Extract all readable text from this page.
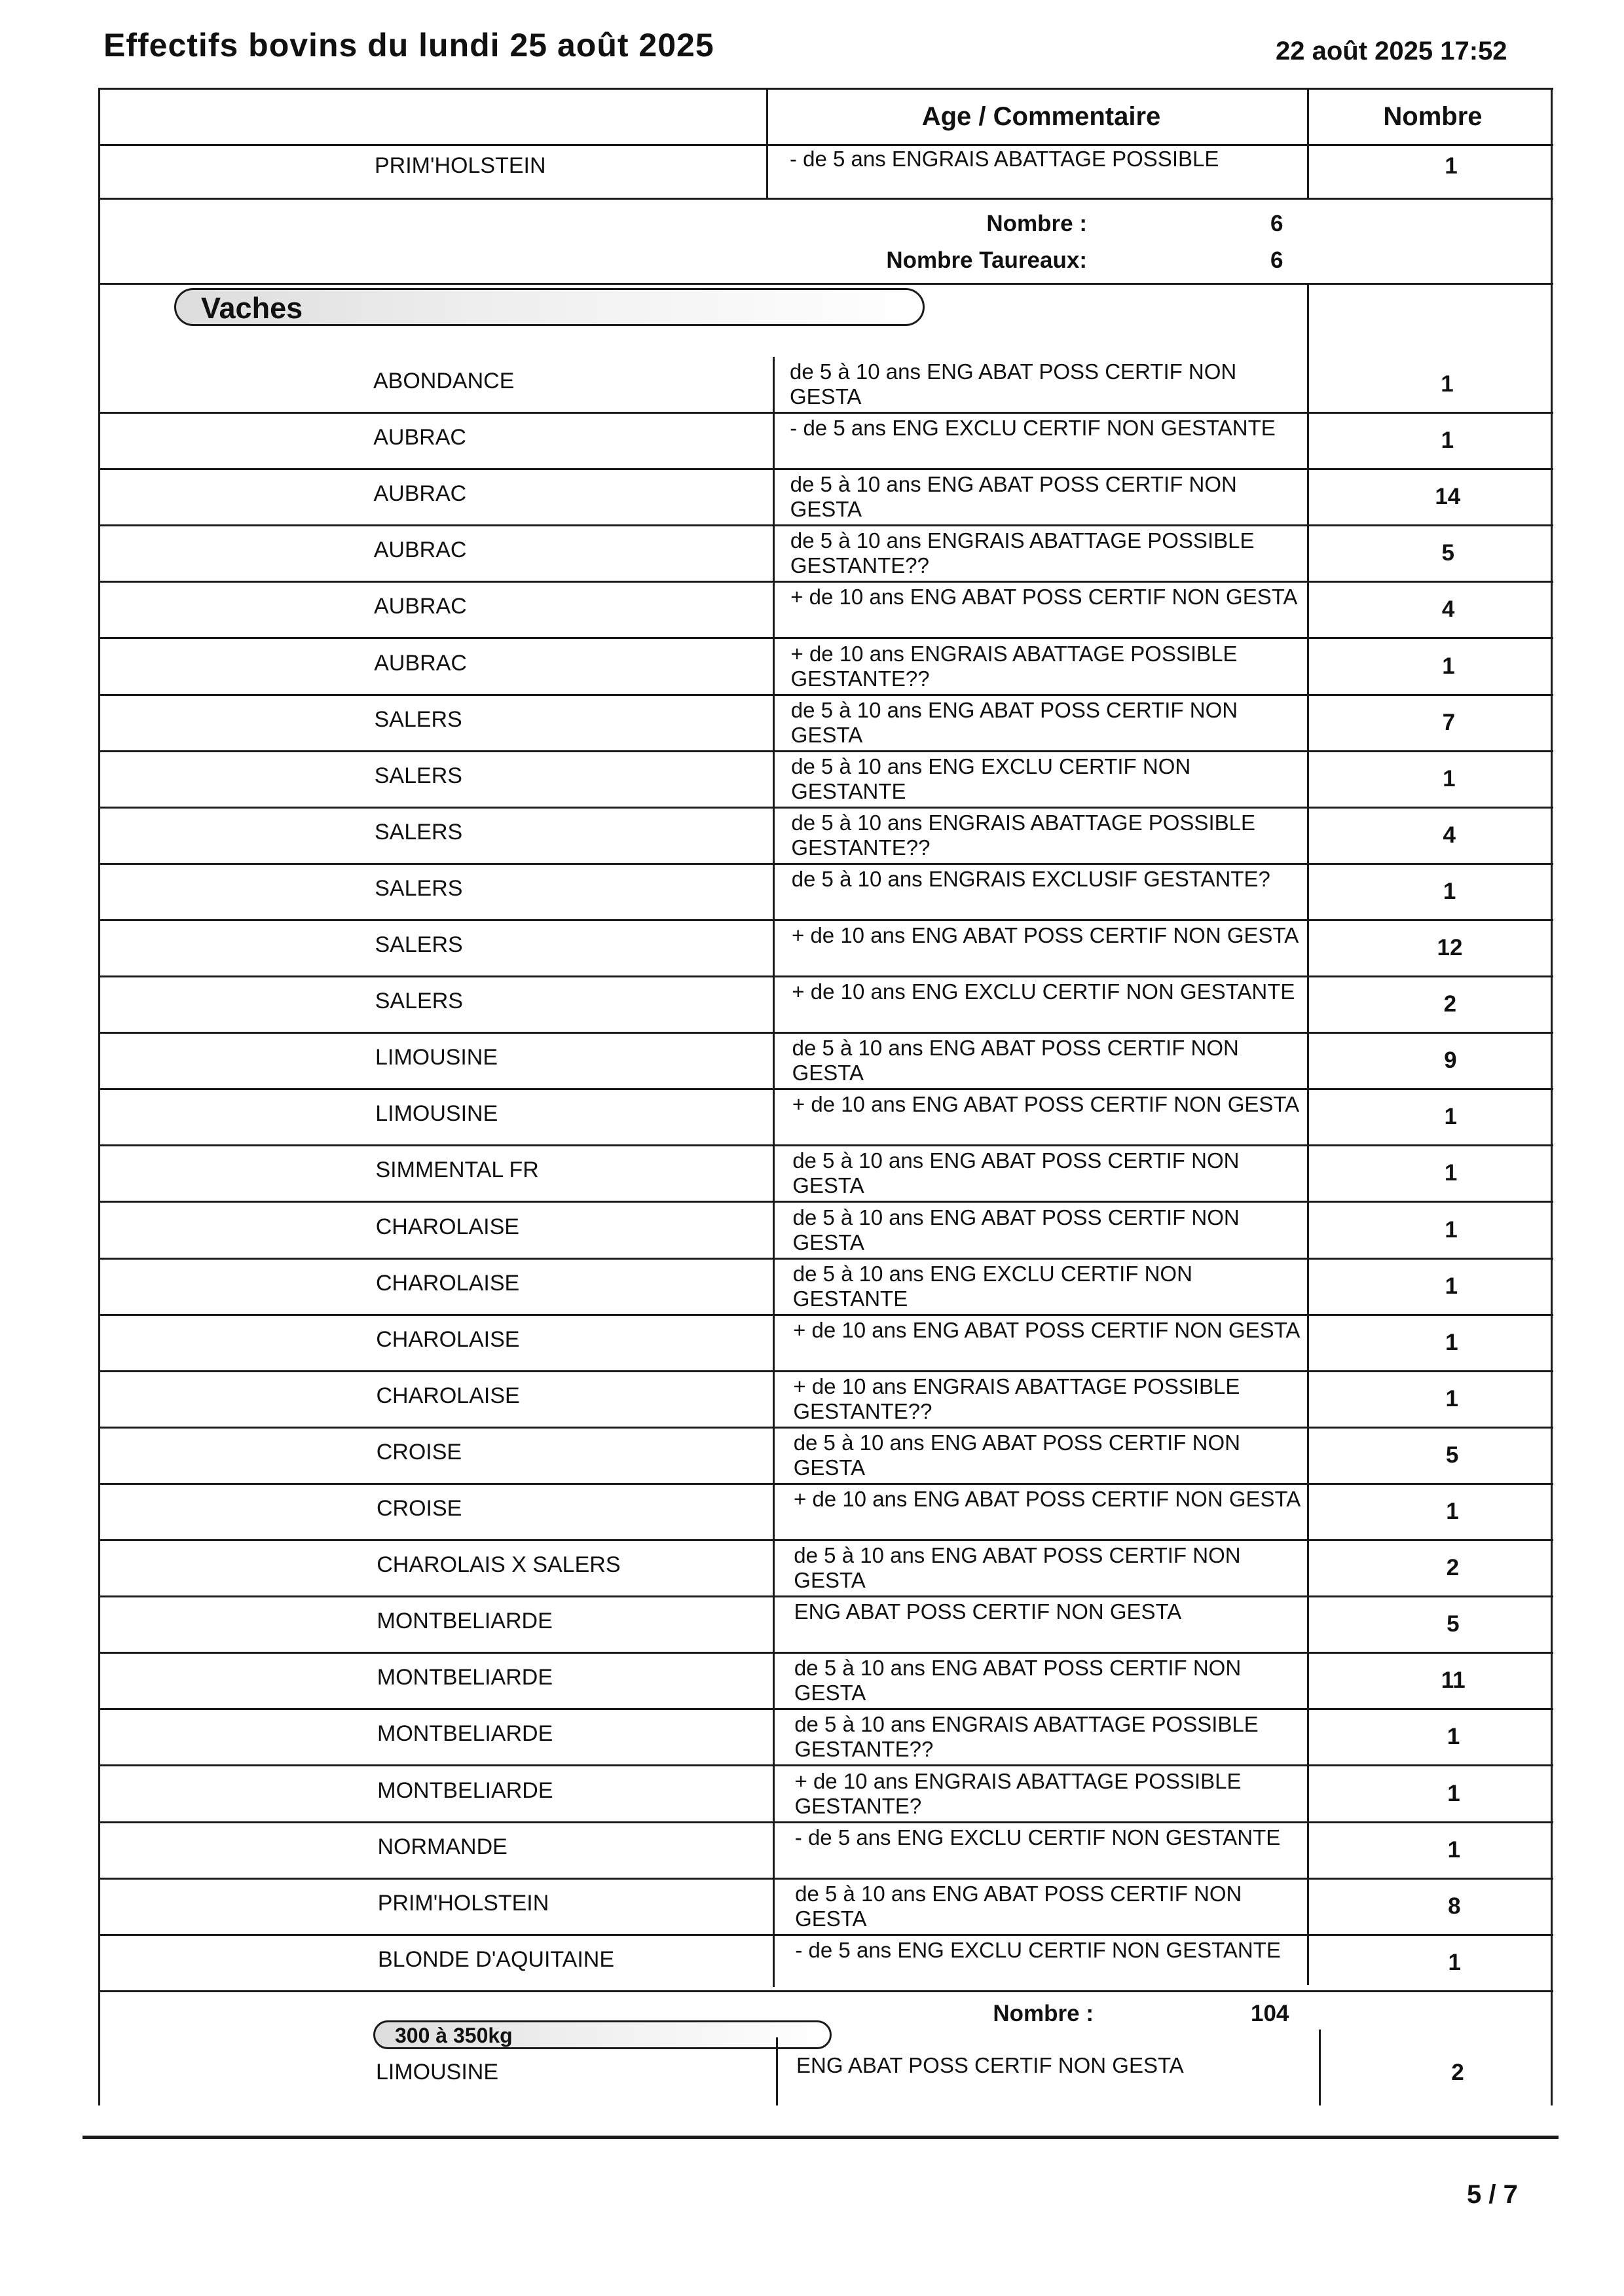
Effectifs bovins du lundi 25 août 2025	22 août 2025 17:52
Age / Commentaire	Nombre
PRIM'HOLSTEIN	- de 5 ans ENGRAIS ABATTAGE POSSIBLE	1
Nombre :	6
Nombre Taureaux:	6
Vaches
ABONDANCE	de 5 à 10 ans ENG ABAT POSS CERTIF NON GESTA	1
AUBRAC	- de 5 ans ENG EXCLU CERTIF NON GESTANTE	1
AUBRAC	de 5 à 10 ans ENG ABAT POSS CERTIF NON GESTA	14
AUBRAC	de 5 à 10 ans ENGRAIS ABATTAGE POSSIBLE GESTANTE??	5
AUBRAC	+ de 10 ans ENG ABAT POSS CERTIF NON GESTA	4
AUBRAC	+ de 10 ans ENGRAIS ABATTAGE POSSIBLE GESTANTE??	1
SALERS	de 5 à 10 ans ENG ABAT POSS CERTIF NON GESTA	7
SALERS	de 5 à 10 ans ENG EXCLU CERTIF NON GESTANTE	1
SALERS	de 5 à 10 ans ENGRAIS ABATTAGE POSSIBLE GESTANTE??	4
SALERS	de 5 à 10 ans ENGRAIS EXCLUSIF GESTANTE?	1
SALERS	+ de 10 ans ENG ABAT POSS CERTIF NON GESTA	12
SALERS	+ de 10 ans ENG EXCLU CERTIF NON GESTANTE	2
LIMOUSINE	de 5 à 10 ans ENG ABAT POSS CERTIF NON GESTA	9
LIMOUSINE	+ de 10 ans ENG ABAT POSS CERTIF NON GESTA	1
SIMMENTAL FR	de 5 à 10 ans ENG ABAT POSS CERTIF NON GESTA	1
CHAROLAISE	de 5 à 10 ans ENG ABAT POSS CERTIF NON GESTA	1
CHAROLAISE	de 5 à 10 ans ENG EXCLU CERTIF NON GESTANTE	1
CHAROLAISE	+ de 10 ans ENG ABAT POSS CERTIF NON GESTA	1
CHAROLAISE	+ de 10 ans ENGRAIS ABATTAGE POSSIBLE GESTANTE??	1
CROISE	de 5 à 10 ans ENG ABAT POSS CERTIF NON GESTA	5
CROISE	+ de 10 ans ENG ABAT POSS CERTIF NON GESTA	1
CHAROLAIS X SALERS	de 5 à 10 ans ENG ABAT POSS CERTIF NON GESTA	2
MONTBELIARDE	ENG ABAT POSS CERTIF NON GESTA	5
MONTBELIARDE	de 5 à 10 ans ENG ABAT POSS CERTIF NON GESTA	11
MONTBELIARDE	de 5 à 10 ans ENGRAIS ABATTAGE POSSIBLE GESTANTE??	1
MONTBELIARDE	+ de 10 ans ENGRAIS ABATTAGE POSSIBLE GESTANTE?	1
NORMANDE	- de 5 ans ENG EXCLU CERTIF NON GESTANTE	1
PRIM'HOLSTEIN	de 5 à 10 ans ENG ABAT POSS CERTIF NON GESTA	8
BLONDE D'AQUITAINE	- de 5 ans ENG EXCLU CERTIF NON GESTANTE	1
Nombre :	104
300 à 350kg
LIMOUSINE	ENG ABAT POSS CERTIF NON GESTA	2
5 / 7
